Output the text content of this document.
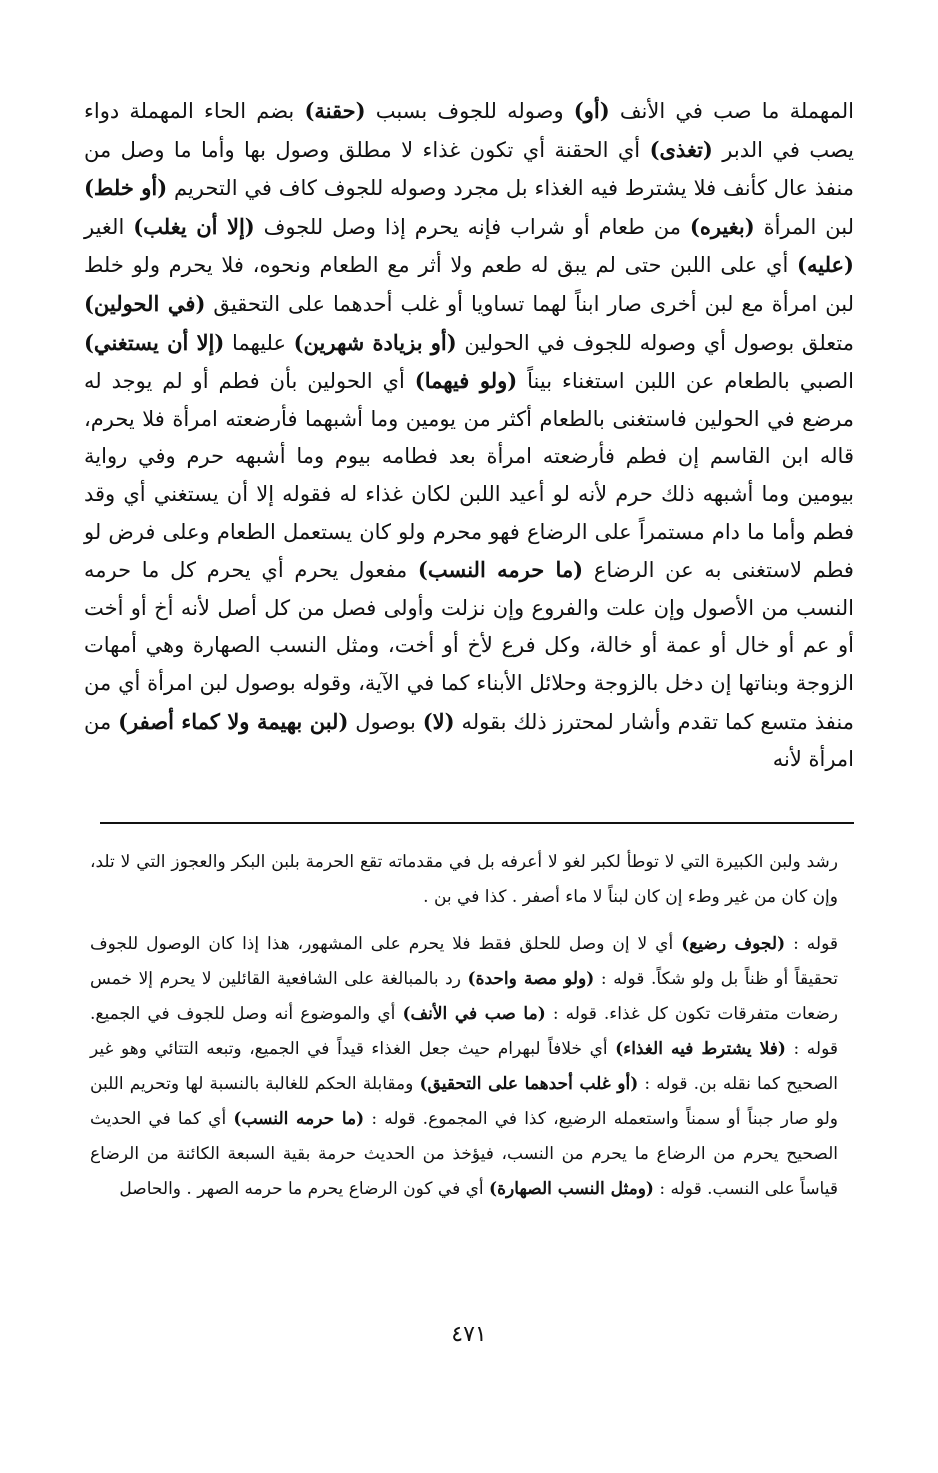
المهملة ما صب في الأنف (أو) وصوله للجوف بسبب (حقنة) بضم الحاء المهملة دواء يصب في الدبر (تغذى) أي الحقنة أي تكون غذاء لا مطلق وصول بها وأما ما وصل من منفذ عال كأنف فلا يشترط فيه الغذاء بل مجرد وصوله للجوف كاف في التحريم (أو خلط) لبن المرأة (بغيره) من طعام أو شراب فإنه يحرم إذا وصل للجوف (إلا أن يغلب) الغير (عليه) أي على اللبن حتى لم يبق له طعم ولا أثر مع الطعام ونحوه، فلا يحرم ولو خلط لبن امرأة مع لبن أخرى صار ابناً لهما تساويا أو غلب أحدهما على التحقيق (في الحولين) متعلق بوصول أي وصوله للجوف في الحولين (أو بزيادة شهرين) عليهما (إلا أن يستغني) الصبي بالطعام عن اللبن استغناء بيناً (ولو فيهما) أي الحولين بأن فطم أو لم يوجد له مرضع في الحولين فاستغنى بالطعام أكثر من يومين وما أشبهما فأرضعته امرأة فلا يحرم، قاله ابن القاسم إن فطم فأرضعته امرأة بعد فطامه بيوم وما أشبهه حرم وفي رواية بيومين وما أشبهه ذلك حرم لأنه لو أعيد اللبن لكان غذاء له فقوله إلا أن يستغني أي وقد فطم وأما ما دام مستمراً على الرضاع فهو محرم ولو كان يستعمل الطعام وعلى فرض لو فطم لاستغنى به عن الرضاع (ما حرمه النسب) مفعول يحرم أي يحرم كل ما حرمه النسب من الأصول وإن علت والفروع وإن نزلت وأولى فصل من كل أصل لأنه أخ أو أخت أو عم أو خال أو عمة أو خالة، وكل فرع لأخ أو أخت، ومثل النسب الصهارة وهي أمهات الزوجة وبناتها إن دخل بالزوجة وحلائل الأبناء كما في الآية، وقوله بوصول لبن امرأة أي من منفذ متسع كما تقدم وأشار لمحترز ذلك بقوله (لا) بوصول (لبن بهيمة ولا كماء أصفر) من امرأة لأنه

رشد ولبن الكبيرة التي لا توطأ لكبر لغو لا أعرفه بل في مقدماته تقع الحرمة بلبن البكر والعجوز التي لا تلد، وإن كان من غير وطء إن كان لبناً لا ماء أصفر . كذا في بن .

قوله : (لجوف رضيع) أي لا إن وصل للحلق فقط فلا يحرم على المشهور، هذا إذا كان الوصول للجوف تحقيقاً أو ظناً بل ولو شكاً. قوله : (ولو مصة واحدة) رد بالمبالغة على الشافعية القائلين لا يحرم إلا خمس رضعات متفرقات تكون كل غذاء. قوله : (ما صب في الأنف) أي والموضوع أنه وصل للجوف في الجميع. قوله : (فلا يشترط فيه الغذاء) أي خلافاً لبهرام حيث جعل الغذاء قيداً في الجميع، وتبعه التتائي وهو غير الصحيح كما نقله بن. قوله : (أو غلب أحدهما على التحقيق) ومقابلة الحكم للغالبة بالنسبة لها وتحريم اللبن ولو صار جبناً أو سمناً واستعمله الرضيع، كذا في المجموع. قوله : (ما حرمه النسب) أي كما في الحديث الصحيح يحرم من الرضاع ما يحرم من النسب، فيؤخذ من الحديث حرمة بقية السبعة الكائنة من الرضاع قياساً على النسب. قوله : (ومثل النسب الصهارة) أي في كون الرضاع يحرم ما حرمه الصهر . والحاصل

٤٧١
